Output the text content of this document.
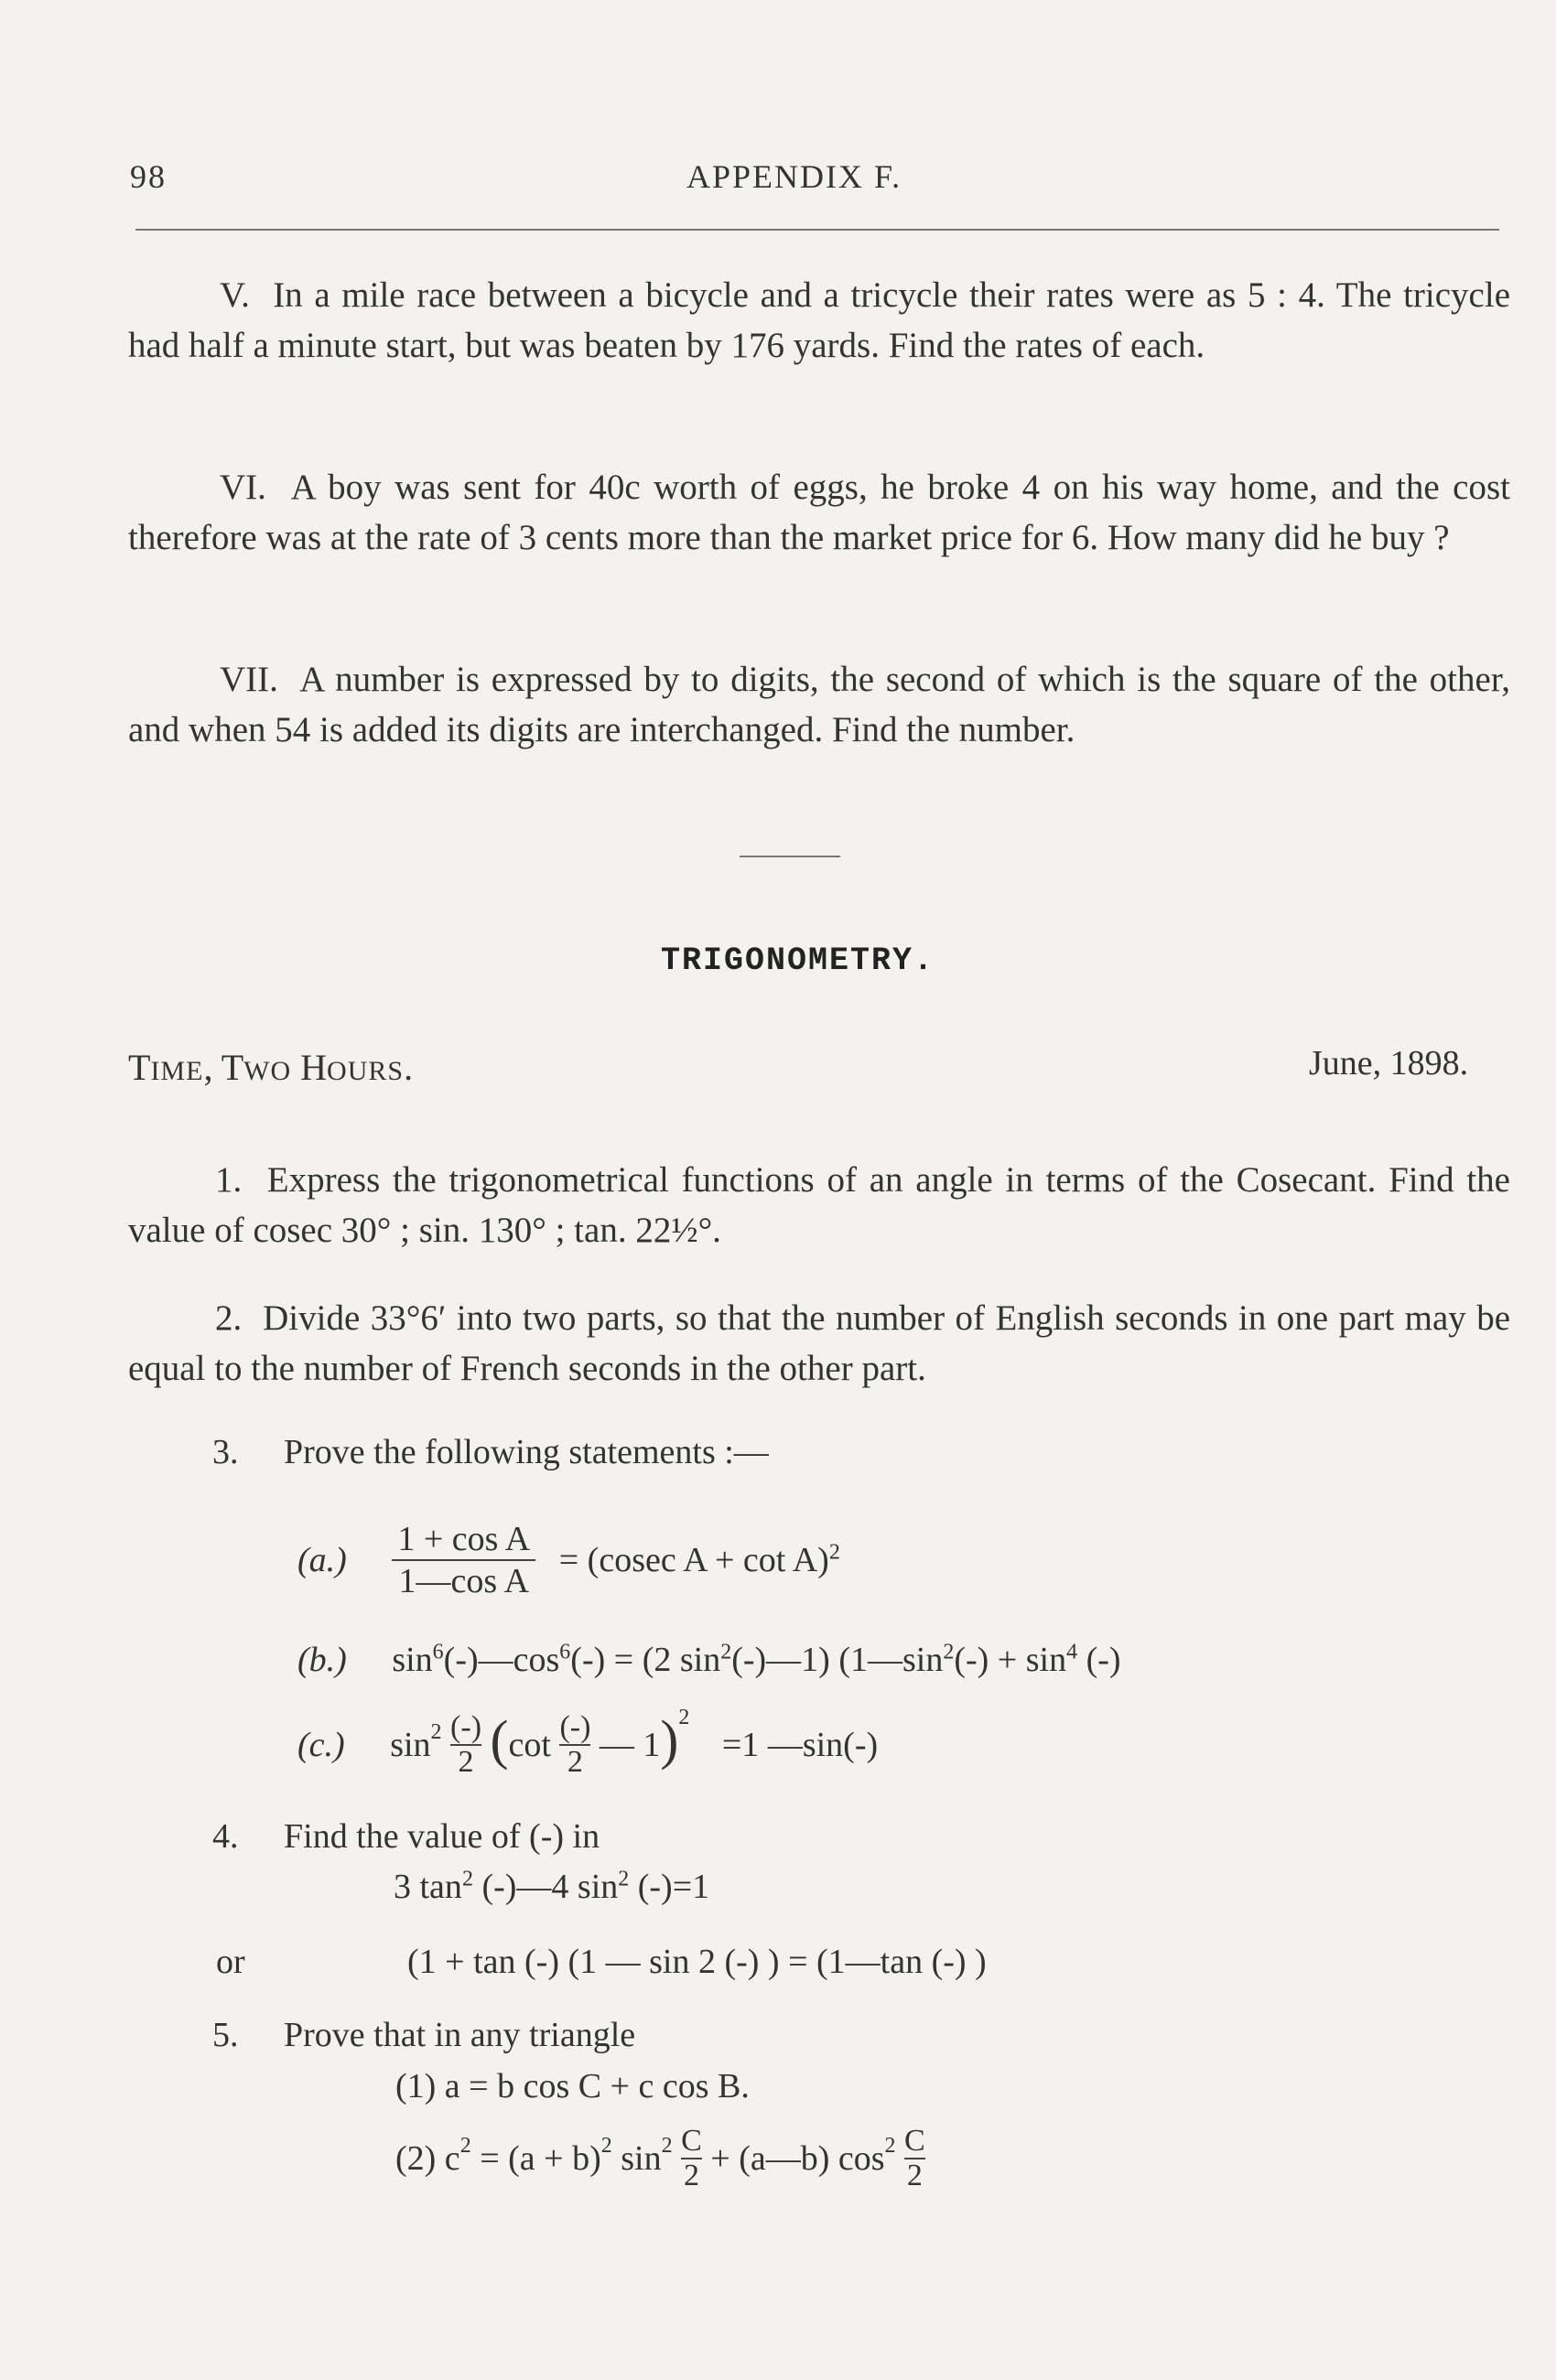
98	APPENDIX F.
V. In a mile race between a bicycle and a tricycle their rates were as 5 : 4. The tricycle had half a minute start, but was beaten by 176 yards. Find the rates of each.
VI. A boy was sent for 40c worth of eggs, he broke 4 on his way home, and the cost therefore was at the rate of 3 cents more than the market price for 6. How many did he buy ?
VII. A number is expressed by to digits, the second of which is the square of the other, and when 54 is added its digits are interchanged. Find the number.
TRIGONOMETRY.
TIME, TWO HOURS.	June, 1898.
1. Express the trigonometrical functions of an angle in terms of the Cosecant. Find the value of cosec 30° ; sin. 130° ; tan. 22½°.
2. Divide 33°6′ into two parts, so that the number of English seconds in one part may be equal to the number of French seconds in the other part.
3. Prove the following statements :—
$(a.) \frac{\text{1 + cos A}}{\text{1—cos A}} = (cosec$ A + cot A)$^2$
(b.) $\sin^6(-)—\cos^6(-) = (2$ $\sin^2(-)—1$) ($1—\sin^2(-) + \sin^4$ (-)
(c.) $\sin^2$ (-)
2 (cot (-)
2 — 1)$^2$ =1 —sin(-)
4. Find the value of (-) in
3 $\tan^2$ (-)—4 $\sin^2 (-)=1$
or	(1 + tan (-) (1 — sin 2 (-) ) = (1—tan (-) )
5. Prove that in any triangle
(1) a = b cos C + c cos B.
(2) $c^2 = (a + b)^2$ $\sin^2 \frac{C}{2}$ + (a—b) $\cos^2 \frac{C}{2}$
